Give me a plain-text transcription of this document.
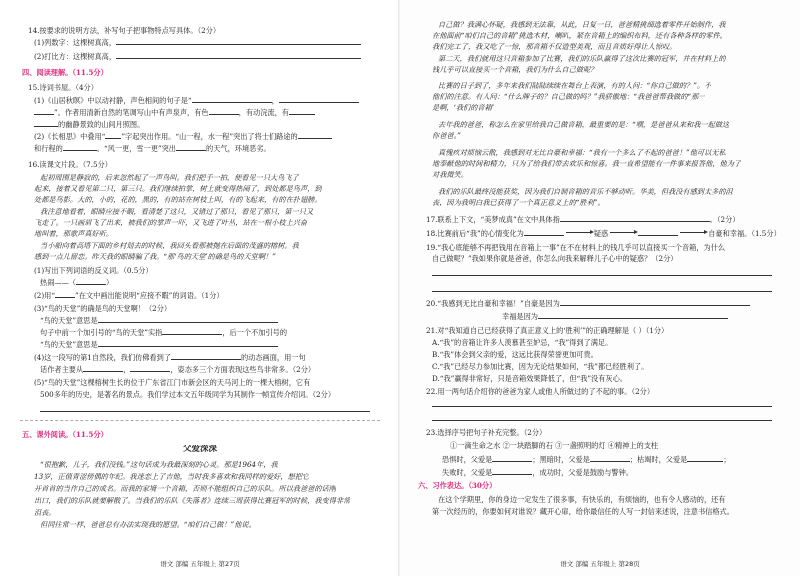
14.按要求的说明方法，补写句子把事物特点写具体。（2分）
(1)列数字：这棵树真高，
(2)打比方：这棵树真高，
四、阅读理解。（11.5分）
15.诗词书屋。（4分）
(1)《山居秋暝》中以动衬静，声色相间的句子是“	，
”。作者用清新自然的笔调写山中有声泉声，有色	，有动浣流，有
的幽静景致的山间月照图。
(2)《长相思》中叠用“ ”字起突出作用。“山一程，水一程”突出了将士们路途的
和行程的	。“风一更，雪一更”突出	的天气，环境恶劣。
16.读课文片段。（7.5分）
起初周围是静寂的，后来忽然起了一声鸟叫。我们把手一拍，便看见一只大鸟飞了
起来，接着又看见第二只，第三只。我们继续拍掌，树上就变得热闹了，到处都是鸟声，到
处都是鸟影。大的，小的，花的，黑的，有的站在树枝上叫，有的飞起来，有的在扑翅膀。
我注意地看着，眼睛应接不暇，看清楚了这只，又错过了那只，看见了那只，第一只又
飞走了。一只画眉飞了出来，被我们的掌声一吓，又飞进了叶丛，站在一根小枝上兴奋
地叫着，那歌声真好听。
当小船向着高塔下面的乡村划去的时候，我回头看那被抛在后面的茂盛的榕树。我
感到一点儿留恋。昨天我的眼睛骗了我。“那‘鸟的天堂’的确是鸟的天堂啊！”
(1)写出下列词语的反义词。（0.5分）
热闹——（	）
(2)用“	”在文中画出能说明“应接不暇”的词语。（1分）
(3)“鸟的天堂”的确是鸟的天堂啊！（2分）
“鸟的天堂”意思是
句子中前一个加引号的“鸟的天堂”实指	，后一个不加引号的
“鸟的天堂”意思是
(4)这一段写的第1自然段，我们仿佛看到了	的动态画面，用一句
话作者主要从	，	，姿态多三个方面表现这些鸟非常多。（2分）
(5)“鸟的天堂”这棵榕树生长的位于广东省江门市新会区的天马河上的一棵大榕树，它有
500多年的历史，是著名的景点。我们学过本文五年级同学为其制作一帧宣传介绍词。（2分）
五、课外阅读。（11.5分）
父爱深深
“很抱歉，儿子，我们没钱。”这句话成为我最深刻的心灵。那是1964年，我
13岁，正值青涩傍偶的年纪。我迷恋上了吉他，当时我多喜欢和我同样的爱好，想把它
开首首的当作自己的成名。而我的家境一个音箱，否则不能组织自己的乐队。所以我爸爸的话刚
出口，我们的乐队就要解散了。当我们的乐队《失落者》连续三周获得比赛冠军的时候，我变得非常
沮丧。
但同往常一样，爸爸总有办法实现我的愿望。“咱们自己做！”他说。
语文 部编 五年级上 第27页
自己做？我满心怀疑，我感到无法靠，从此，日复一日，爸爸精挑细选着零件开始制作，我
在他面前“咱们自己的音箱”挑选木材，喇叭，紧在音箱上的编织布料，还有各种各样的零件。
我们完工了，我又吃了一惊，那音箱不仅造型美观，而且音质好得让人惊叹。
第二天，我们就用这只音箱参加了比赛，我们的乐队赢得了这次比赛的冠军，并在材料上的
钱几乎可以直接买一个音箱，我们为什么自己做呢？
比赛的日子到了，多年来我们陆陆续续在舞台上表演，有的人问：“你自己做的？”。不
他们的注意。有人问：“什么牌子的？自己做的吗？”我骄傲地：“我爸爸帮我做的“那一
是啊，‘我们的音箱’
去年我的爸爸，称怎么在家里给我自己做音箱，最重要的是：“嘿，是爸爸从来和我一起做这
你爸爸。”
真愧疚对烦恼云散，我感到对无比自豪和幸福：“我有一个多么了不起的爸爸！”他可以无私
地奉献他的时间和精力，只为了给我们带去欢乐和惊喜。我一直希望能有一件事来报答他，他为了
对我微笑。
我们的乐队最终没能获奖，因为我们自制音箱的音乐不够动听。华美，但我没有感到太多的沮
丧，因为我明白我已获得了一个真正意义上的“胜利”。
17.联系上下文，“美梦成真”在文中具体指	。（2分）
18.比赛前后“我”的心情变化为	疑惑	自豪和幸福。（1.5分）
19.“我心底能够不再把钱用在音箱上一事”在不在材料上的钱几乎可以直接买一个音箱，为什么
自己做呢？”我如果你就是爸爸，你怎么向我来解释儿子心中的疑惑？（2分）
20.“我感到无比自豪和幸福！”自豪是因为
幸福是因为
21.对“我知道自己已经获得了真正意义上的‘胜利’”的正确理解是（ ）（1分）
A.“我”的音箱让许多人羡慕甚至妒忌，“我”得到了满足。
B.“我”体会到父亲的爱，这远比获得荣誉更加可贵。
C.“我”已经尽力参加比赛，因为无论结果如何，“我”都已经胜利了。
D.“我”赢得非常好，只是音箱效果降低了，但“我”没有灰心。
22.用一两句话介绍你的爸爸为家人或他人所做过的了不起的事。（2分）
23.选择序号把句子补充完整。（2分）
①一滴生命之水 ②一块踏脚的石 ③一盏照明的灯 ④精神上的支柱
恐惧时，父爱是	；黑暗时，父爱是	；枯竭时，父爱是	；
失败时，父爱是	，成功时，父爱是鼓励与警钟。
六、习作表达。（30分）
在这个学期里，你的身边一定发生了很多事，有快乐的，有烦恼的，也有令人感动的，还有
第一次经历的，你要如何对谁说？藏开心扉，给你最信任的人写一封信来述说，注意书信格式。
语文 部编 五年级上 第28页
